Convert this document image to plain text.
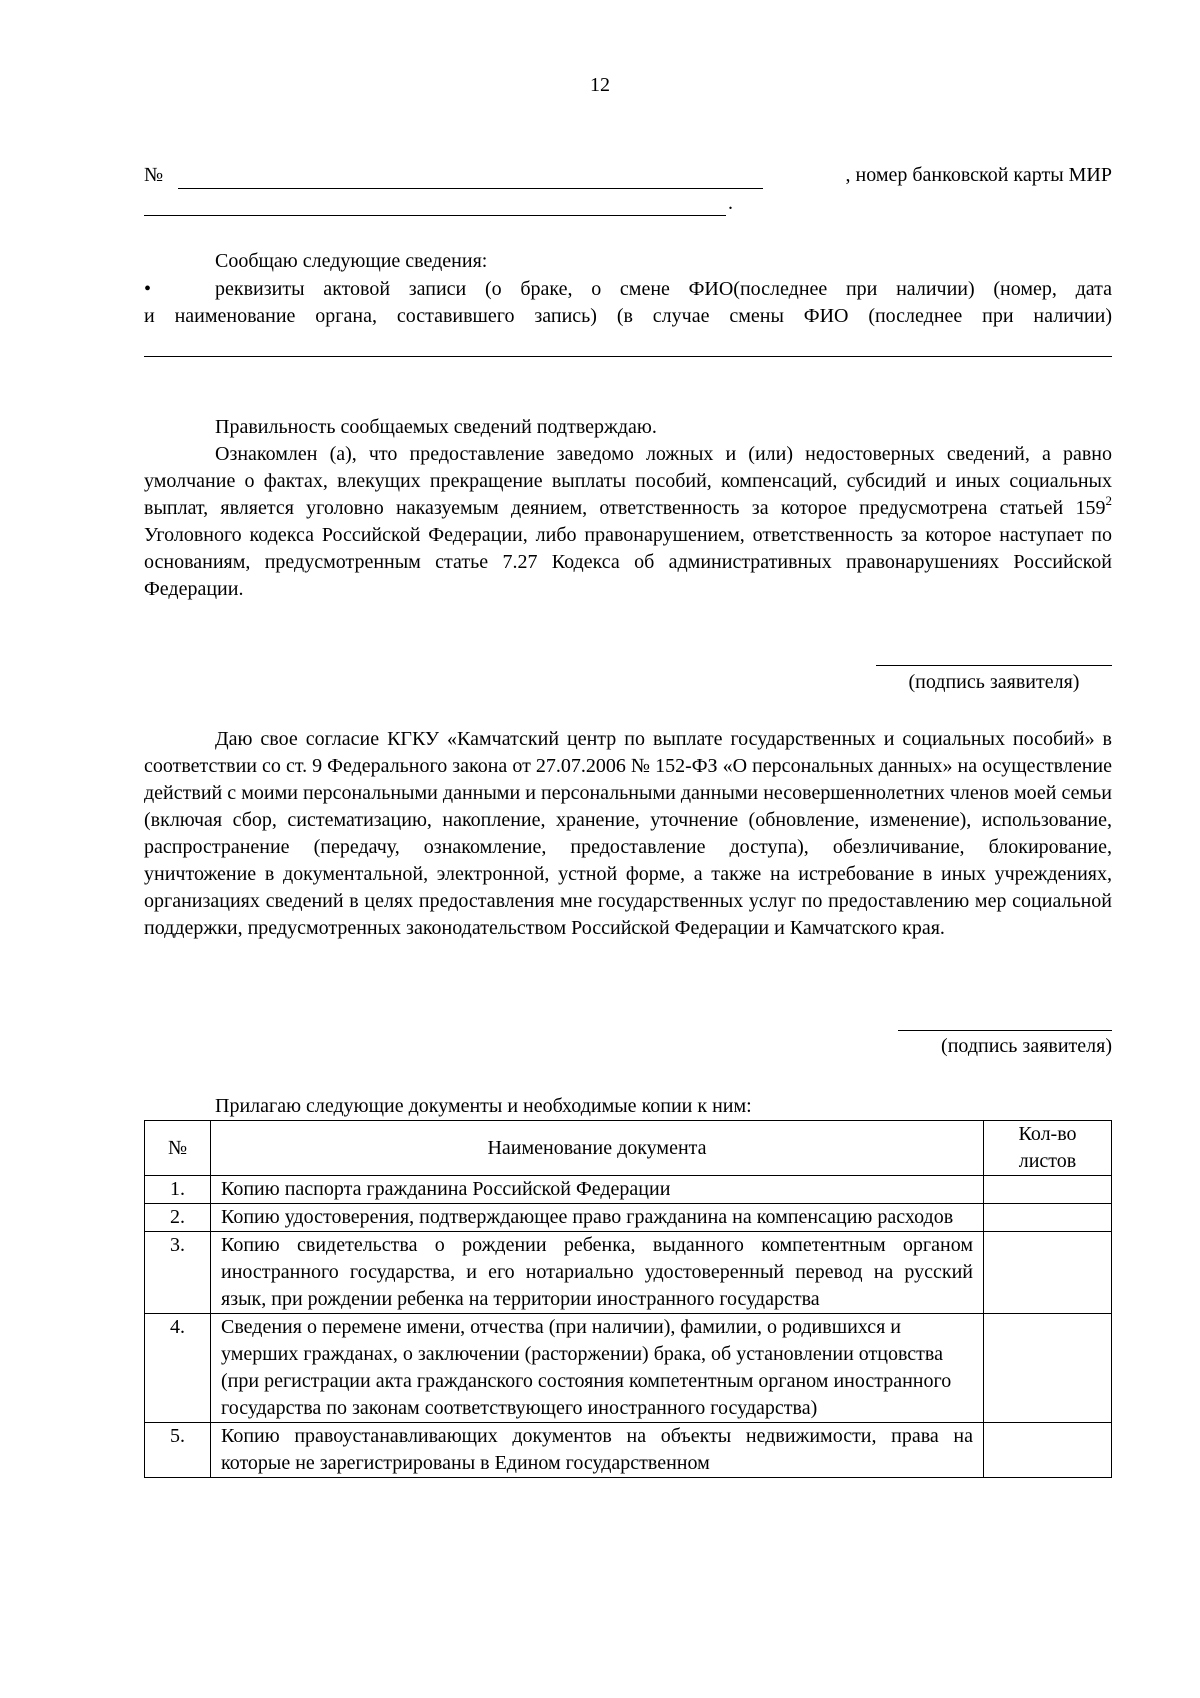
12
№	, номер банковской карты МИР
.
Сообщаю следующие сведения:
•	реквизиты актовой записи (о браке, о смене ФИО(последнее при наличии) (номер, дата
и наименование органа, составившего запись) (в случае смены ФИО (последнее при наличии)
Правильность сообщаемых сведений подтверждаю.
Ознакомлен (а), что предоставление заведомо ложных и (или) недостоверных сведений, а равно умолчание о фактах, влекущих прекращение выплаты пособий, компенсаций, субсидий и иных социальных выплат, является уголовно наказуемым деянием, ответственность за которое предусмотрена статьей $159^2$ Уголовного кодекса Российской Федерации, либо правонарушением, ответственность за которое наступает по основаниям, предусмотренным статье 7.27 Кодекса об административных правонарушениях Российской Федерации.
(подпись заявителя)
Даю свое согласие КГКУ «Камчатский центр по выплате государственных и социальных пособий» в соответствии со ст. 9 Федерального закона от 27.07.2006 № 152-ФЗ «О персональных данных» на осуществление действий с моими персональными данными и персональными данными несовершеннолетних членов моей семьи (включая сбор, систематизацию, накопление, хранение, уточнение (обновление, изменение), использование, распространение (передачу, ознакомление, предоставление доступа), обезличивание, блокирование, уничтожение в документальной, электронной, устной форме, а также на истребование в иных учреждениях, организациях сведений в целях предоставления мне государственных услуг по предоставлению мер социальной поддержки, предусмотренных законодательством Российской Федерации и Камчатского края.
(подпись заявителя)
Прилагаю следующие документы и необходимые копии к ним:
№	Наименование документа	Кол-во листов
1.	Копию паспорта гражданина Российской Федерации	
2.	Копию удостоверения, подтверждающее право гражданина на компенсацию расходов	
3.	Копию свидетельства о рождении ребенка, выданного компетентным органом иностранного государства, и его нотариально удостоверенный перевод на русский язык, при рождении ребенка на территории иностранного государства	
4.	Сведения о перемене имени, отчества (при наличии), фамилии, о родившихся и умерших гражданах, о заключении (расторжении) брака, об установлении отцовства (при регистрации акта гражданского состояния компетентным органом иностранного государства по законам соответствующего иностранного государства)	
5.	Копию правоустанавливающих документов на объекты недвижимости, права на которые не зарегистрированы в Едином государственном	
